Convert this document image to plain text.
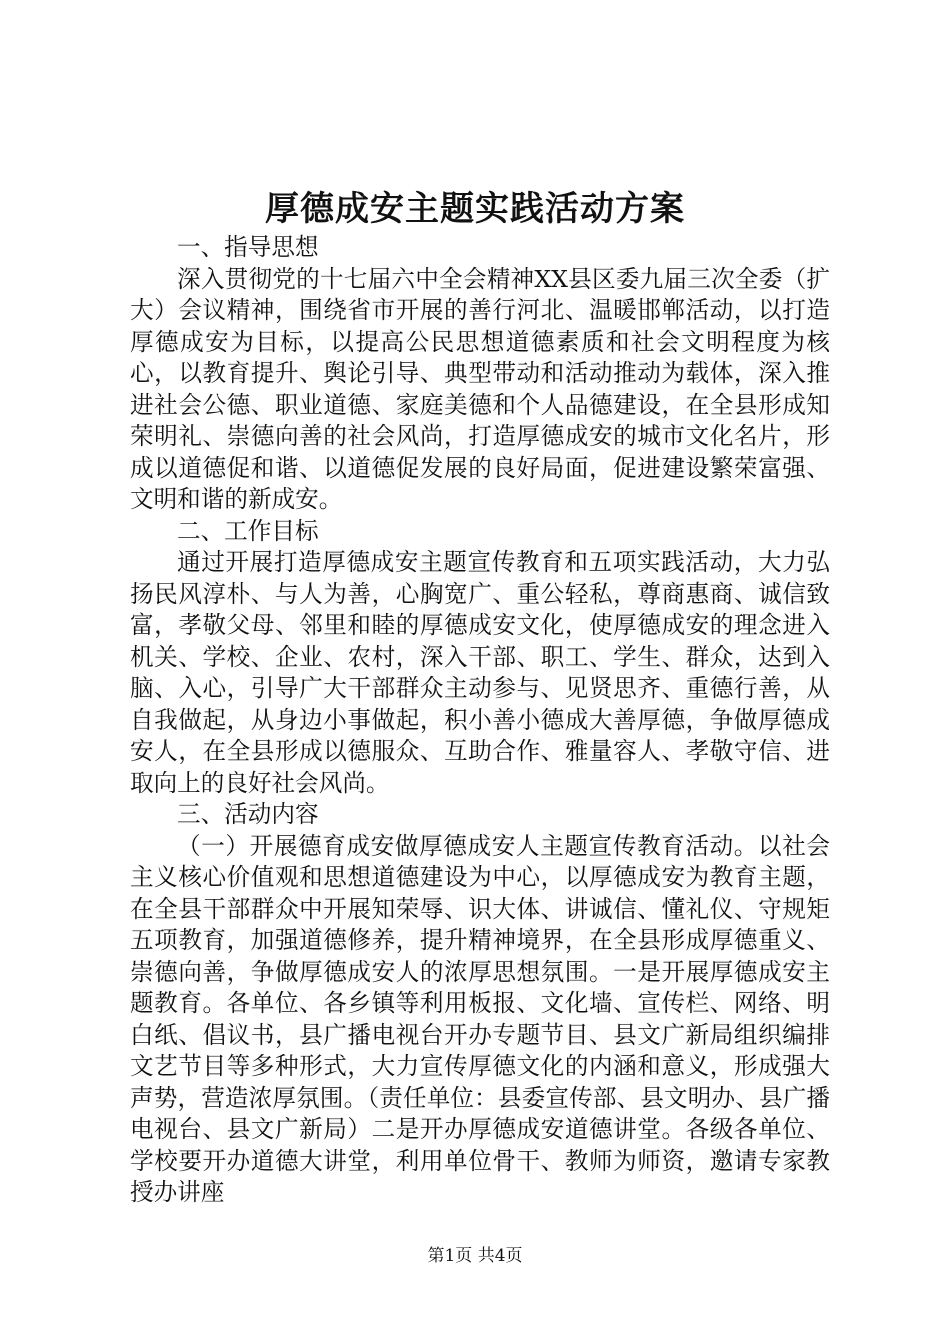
厚德成安主题实践活动方案

一、指导思想

深入贯彻党的十七届六中全会精神XX县区委九届三次全委（扩大）会议精神，围绕省市开展的善行河北、温暖邯郸活动，以打造厚德成安为目标，以提高公民思想道德素质和社会文明程度为核心，以教育提升、舆论引导、典型带动和活动推动为载体，深入推进社会公德、职业道德、家庭美德和个人品德建设，在全县形成知荣明礼、崇德向善的社会风尚，打造厚德成安的城市文化名片，形成以道德促和谐、以道德促发展的良好局面，促进建设繁荣富强、文明和谐的新成安。

二、工作目标

通过开展打造厚德成安主题宣传教育和五项实践活动，大力弘扬民风淳朴、与人为善，心胸宽广、重公轻私，尊商惠商、诚信致富，孝敬父母、邻里和睦的厚德成安文化，使厚德成安的理念进入机关、学校、企业、农村，深入干部、职工、学生、群众，达到入脑、入心，引导广大干部群众主动参与、见贤思齐、重德行善，从自我做起，从身边小事做起，积小善小德成大善厚德，争做厚德成安人，在全县形成以德服众、互助合作、雅量容人、孝敬守信、进取向上的良好社会风尚。

三、活动内容

（一）开展德育成安做厚德成安人主题宣传教育活动。以社会主义核心价值观和思想道德建设为中心，以厚德成安为教育主题，在全县干部群众中开展知荣辱、识大体、讲诚信、懂礼仪、守规矩五项教育，加强道德修养，提升精神境界，在全县形成厚德重义、崇德向善，争做厚德成安人的浓厚思想氛围。一是开展厚德成安主题教育。各单位、各乡镇等利用板报、文化墙、宣传栏、网络、明白纸、倡议书，县广播电视台开办专题节目、县文广新局组织编排文艺节目等多种形式，大力宣传厚德文化的内涵和意义，形成强大声势，营造浓厚氛围。（责任单位：县委宣传部、县文明办、县广播电视台、县文广新局）二是开办厚德成安道德讲堂。各级各单位、学校要开办道德大讲堂，利用单位骨干、教师为师资，邀请专家教授办讲座

第1页 共4页
